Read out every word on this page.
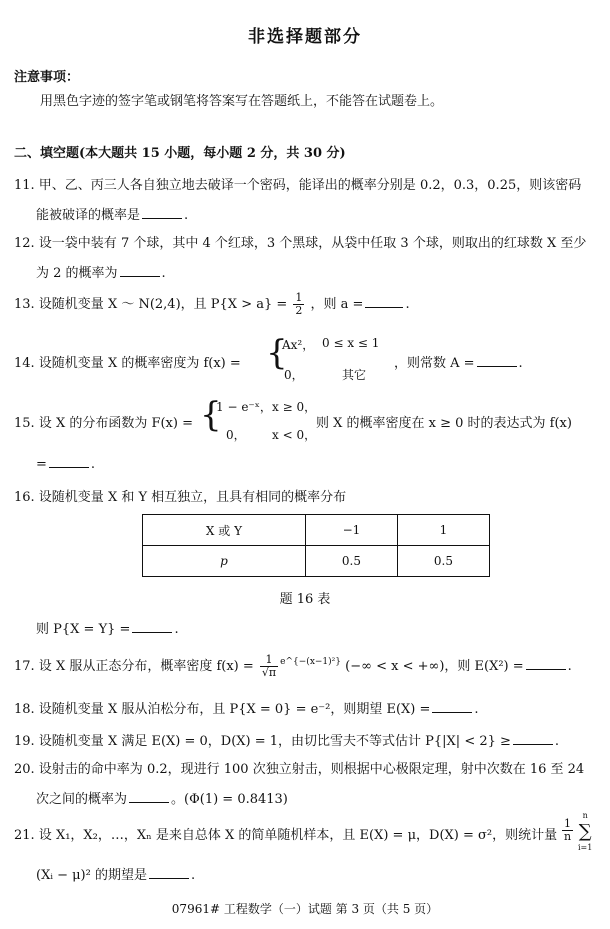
非选择题部分
注意事项：
用黑色字迹的签字笔或钢笔将答案写在答题纸上，不能答在试题卷上。
二、填空题(本大题共 15 小题，每小题 2 分，共 30 分)
11. 甲、乙、丙三人各自独立地去破译一个密码，能译出的概率分别是 0.2，0.3，0.25，则该密码
能被破译的概率是	.
12. 设一袋中装有 7 个球，其中 4 个红球，3 个黑球，从袋中任取 3 个球，则取出的红球数 X 至少
为 2 的概率为	.
13. 设随机变量 X ～ N(2,4)，且 $P\{X > a\} = \frac{1}{2}$ ，则 a =	.
14. 设随机变量 X 的概率密度为 f(x) = {
Ax²， 0 ≤ x ≤ 1
0，	其它
，则常数 A =	.
15. 设 X 的分布函数为 F(x) = {
1 − e⁻ˣ， x ≥ 0，
0， x < 0，
则 X 的概率密度在 x ≥ 0 时的表达式为 f(x)
=	.
16. 设随机变量 X 和 Y 相互独立，且具有相同的概率分布
X 或 Y	−1	1
p	0.5	0.5
题 16 表
则 P{X = Y} =	.
17. 设 X 服从正态分布，概率密度 $f(x) = \frac{1}{√\pi} ^{e\^{}\{-(x-1)^2\}}$ (−∞ < x < +∞)，则 E(X²) =	.
18. 设随机变量 X 服从泊松分布，且 P{X = 0} = e⁻²，则期望 E(X) =	.
19. 设随机变量 X 满足 E(X) = 0，D(X) = 1，由切比雪夫不等式估计 P{|X| < 2} ≥	.
20. 设射击的命中率为 0.2，现进行 100 次独立射击，则根据中心极限定理，射中次数在 16 至 24
次之间的概率为	。(Φ(1) = 0.8413)
21. 设 X₁，X₂，…，Xₙ 是来自总体 X 的简单随机样本，且 E(X) = μ，D(X) = σ²，则统计量 $\frac{1}{n}$
n
∑
i=1
(Xᵢ − μ)² 的期望是	.
07961# 工程数学（一）试题 第 3 页（共 5 页）
